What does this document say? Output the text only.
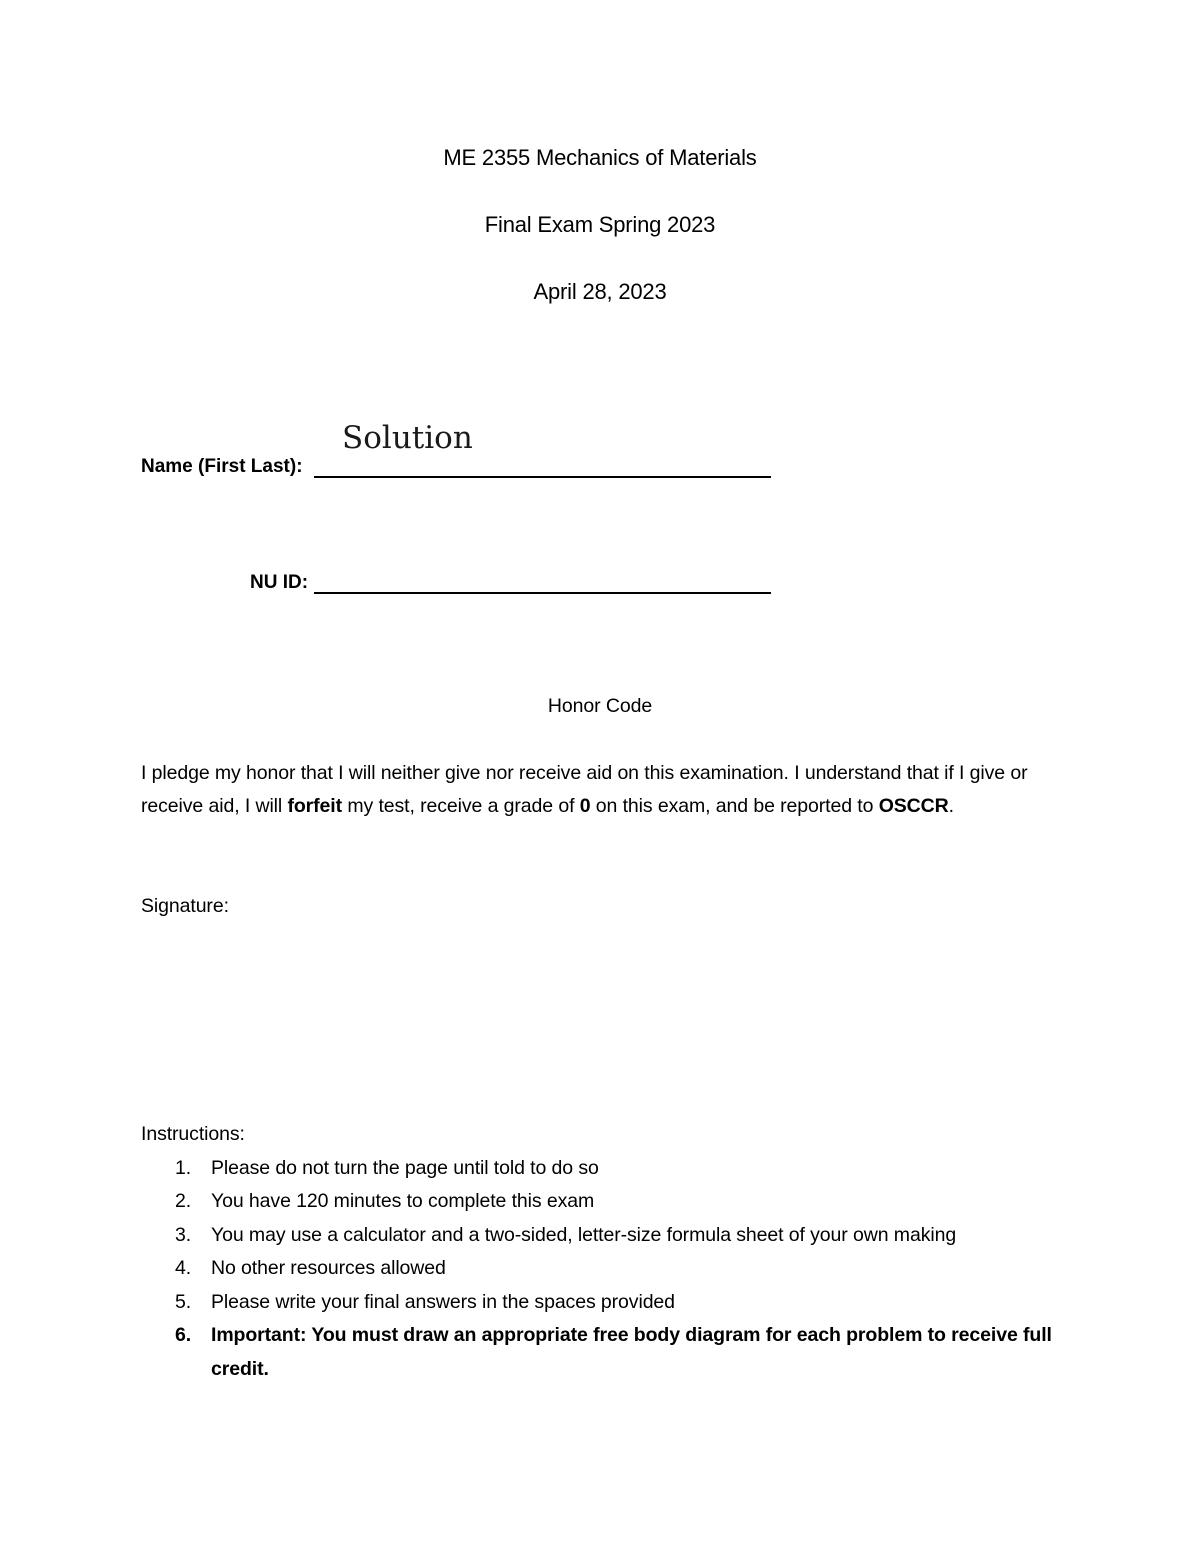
ME 2355 Mechanics of Materials
Final Exam Spring 2023
April 28, 2023
Solution
Name (First Last):
NU ID:
Honor Code
I pledge my honor that I will neither give nor receive aid on this examination. I understand that if I give or receive aid, I will forfeit my test, receive a grade of 0 on this exam, and be reported to OSCCR.
Signature:
Instructions:
1. Please do not turn the page until told to do so
2. You have 120 minutes to complete this exam
3. You may use a calculator and a two-sided, letter-size formula sheet of your own making
4. No other resources allowed
5. Please write your final answers in the spaces provided
6. Important: You must draw an appropriate free body diagram for each problem to receive full credit.
